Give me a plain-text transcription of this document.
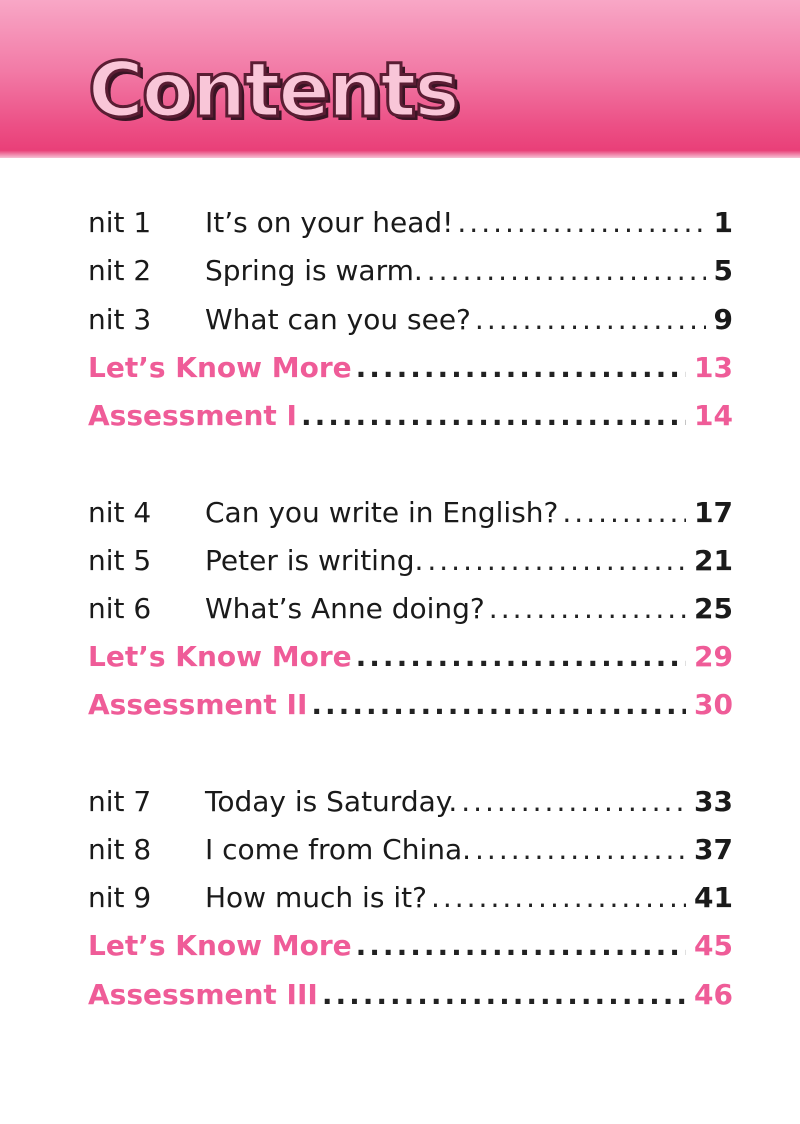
Contents
nit 1	It’s on your head! .....	1
nit 2	Spring is warm. .....	5
nit 3	What can you see? .....	9
Let’s Know More .....	13
Assessment I .....	14
nit 4	Can you write in English? .....	17
nit 5	Peter is writing. .....	21
nit 6	What’s Anne doing? .....	25
Let’s Know More .....	29
Assessment II .....	30
nit 7	Today is Saturday. .....	33
nit 8	I come from China. .....	37
nit 9	How much is it? .....	41
Let’s Know More .....	45
Assessment III .....	46
